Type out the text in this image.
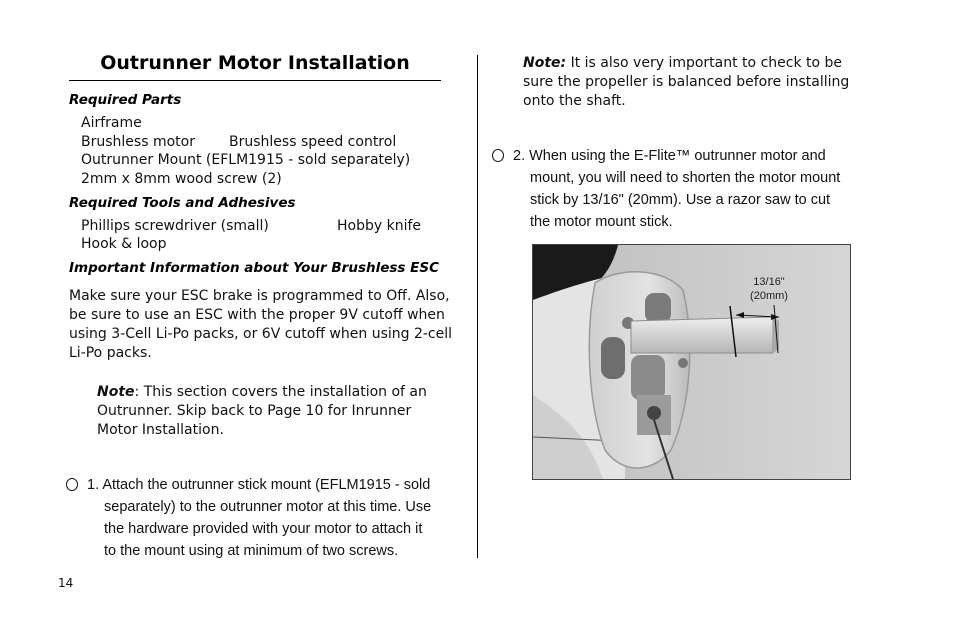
Outrunner Motor Installation
Required Parts
Airframe
Brushless motor Brushless speed control
Outrunner Mount (EFLM1915 - sold separately)
2mm x 8mm wood screw (2)
Required Tools and Adhesives
Phillips screwdriver (small)	Hobby knife
Hook & loop
Important Information about Your Brushless ESC
Make sure your ESC brake is programmed to Off. Also,
be sure to use an ESC with the proper 9V cutoff when
using 3-Cell Li-Po packs, or 6V cutoff when using 2-cell
Li-Po packs.
Note: This section covers the installation of an
Outrunner. Skip back to Page 10 for Inrunner
Motor Installation.
1. Attach the outrunner stick mount (EFLM1915 - sold
separately) to the outrunner motor at this time. Use
the hardware provided with your motor to attach it
to the mount using at minimum of two screws.
14
Note: It is also very important to check to be
sure the propeller is balanced before installing
onto the shaft.
2. When using the E-Flite™ outrunner motor and
mount, you will need to shorten the motor mount
stick by 13/16" (20mm). Use a razor saw to cut
the motor mount stick.
13/16"
(20mm)
